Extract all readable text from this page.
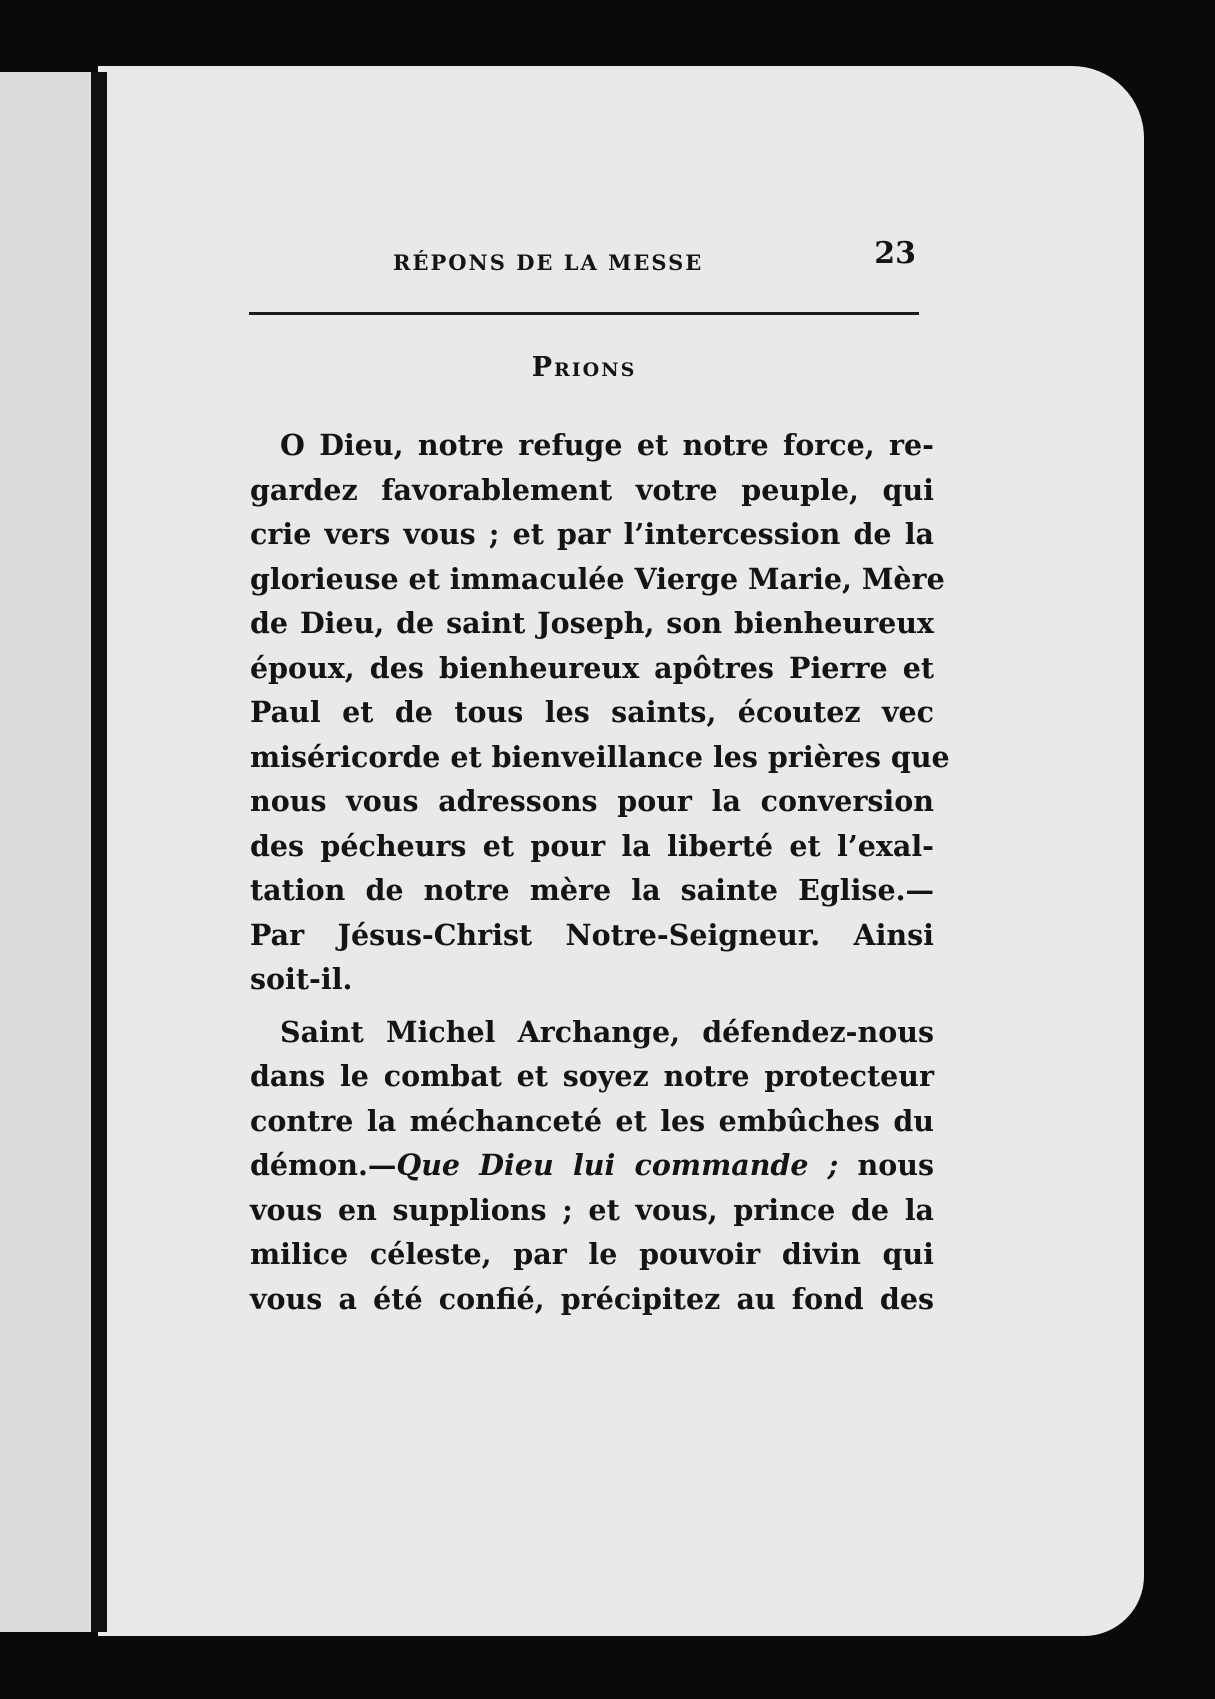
RÉPONS DE LA MESSE	23
Prions
O Dieu, notre refuge et notre force, re-
gardez favorablement votre peuple, qui
crie vers vous ; et par l’intercession de la
glorieuse et immaculée Vierge Marie, Mère
de Dieu, de saint Joseph, son bienheureux
époux, des bienheureux apôtres Pierre et
Paul et de tous les saints, écoutez vec
miséricorde et bienveillance les prières que
nous vous adressons pour la conversion
des pécheurs et pour la liberté et l’exal-
tation de notre mère la sainte Eglise.—
Par Jésus-Christ Notre-Seigneur. Ainsi
soit-il.
Saint Michel Archange, défendez-nous
dans le combat et soyez notre protecteur
contre la méchanceté et les embûches du
démon.—Que Dieu lui commande ; nous
vous en supplions ; et vous, prince de la
milice céleste, par le pouvoir divin qui
vous a été confié, précipitez au fond des
